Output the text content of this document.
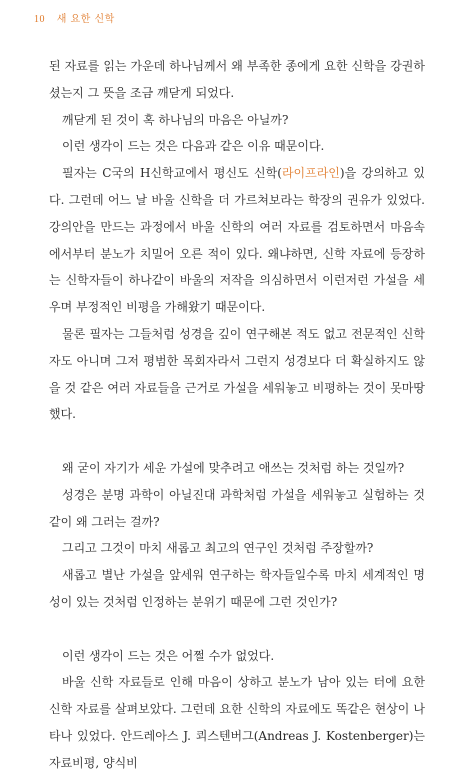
10 새 요한 신학

된 자료를 읽는 가운데 하나님께서 왜 부족한 종에게 요한 신학을 강권하셨는지 그 뜻을 조금 깨닫게 되었다.

깨닫게 된 것이 혹 하나님의 마음은 아닐까?

이런 생각이 드는 것은 다음과 같은 이유 때문이다.

필자는 C국의 H신학교에서 평신도 신학(라이프라인)을 강의하고 있다. 그런데 어느 날 바울 신학을 더 가르쳐보라는 학장의 권유가 있었다. 강의안을 만드는 과정에서 바울 신학의 여러 자료를 검토하면서 마음속에서부터 분노가 치밀어 오른 적이 있다. 왜냐하면, 신학 자료에 등장하는 신학자들이 하나같이 바울의 저작을 의심하면서 이런저런 가설을 세우며 부정적인 비평을 가해왔기 때문이다.

물론 필자는 그들처럼 성경을 깊이 연구해본 적도 없고 전문적인 신학자도 아니며 그저 평범한 목회자라서 그런지 성경보다 더 확실하지도 않을 것 같은 여러 자료들을 근거로 가설을 세워놓고 비평하는 것이 못마땅했다.

왜 굳이 자기가 세운 가설에 맞추려고 애쓰는 것처럼 하는 것일까?

성경은 분명 과학이 아닐진대 과학처럼 가설을 세워놓고 실험하는 것같이 왜 그러는 걸까?

그리고 그것이 마치 새롭고 최고의 연구인 것처럼 주장할까?

새롭고 별난 가설을 앞세워 연구하는 학자들일수록 마치 세계적인 명성이 있는 것처럼 인정하는 분위기 때문에 그런 것인가?

이런 생각이 드는 것은 어쩔 수가 없었다.

바울 신학 자료들로 인해 마음이 상하고 분노가 남아 있는 터에 요한 신학 자료를 살펴보았다. 그런데 요한 신학의 자료에도 똑같은 현상이 나타나 있었다. 안드레아스 J. 쾨스텐버그(Andreas J. Kostenberger)는 자료비평, 양식비
